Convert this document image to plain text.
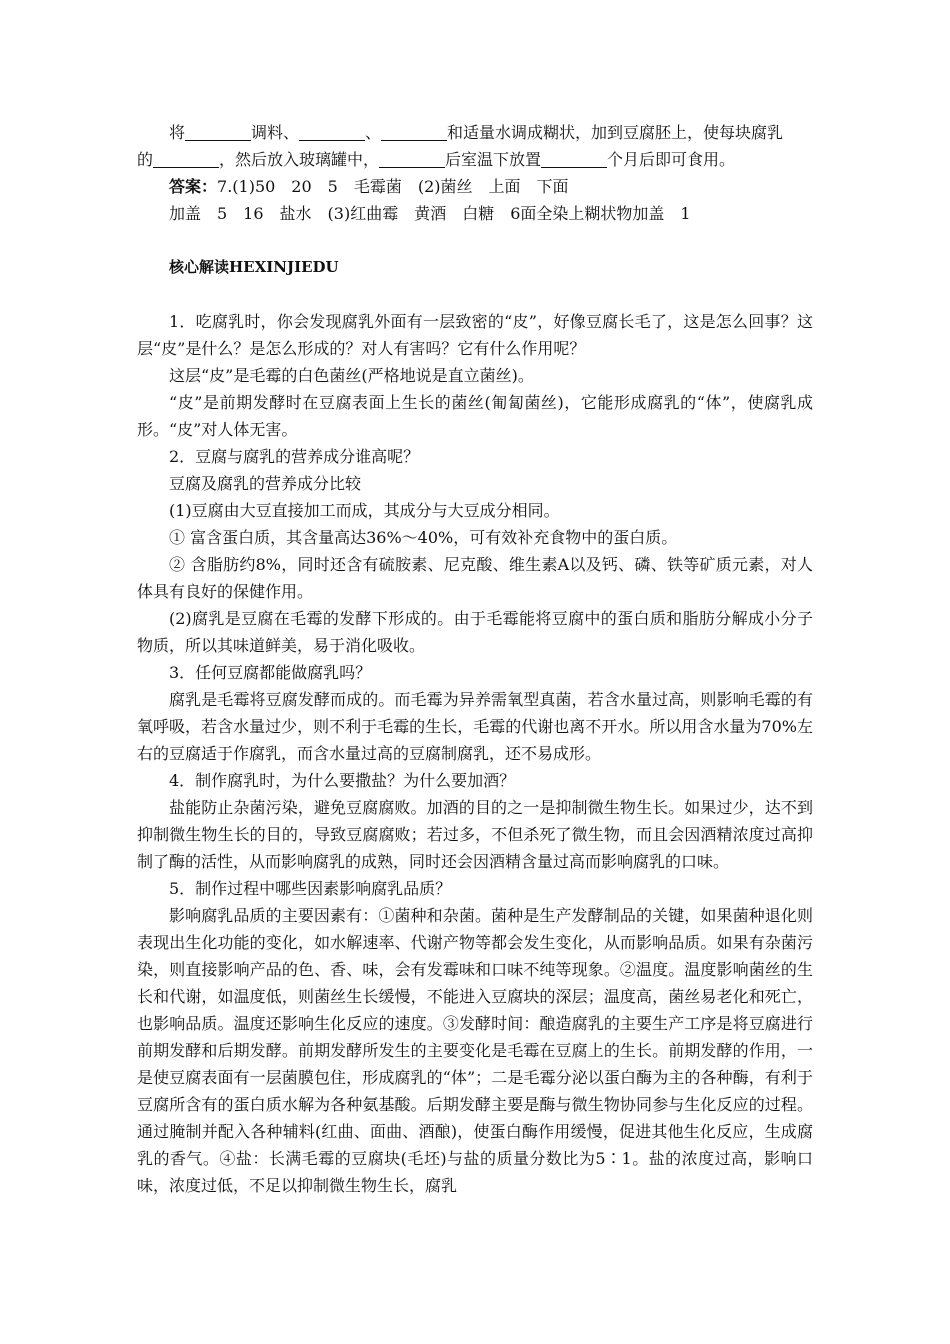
将	调料、	、	和适量水调成糊状，加到豆腐胚上，使每块腐乳

的	，然后放入玻璃罐中，	后室温下放置	个月后即可食用。

答案：7.(1)50　20　5　毛霉菌　(2)菌丝　上面　下面

加盖　5　16　盐水　(3)红曲霉　黄酒　白糖　6面全染上糊状物加盖　1

核心解读HEXINJIEDU

1．吃腐乳时，你会发现腐乳外面有一层致密的“皮”，好像豆腐长毛了，这是怎么回事？这层“皮”是什么？是怎么形成的？对人有害吗？它有什么作用呢？

这层“皮”是毛霉的白色菌丝(严格地说是直立菌丝)。

“皮”是前期发酵时在豆腐表面上生长的菌丝(匍匐菌丝)，它能形成腐乳的“体”，使腐乳成形。“皮”对人体无害。

2．豆腐与腐乳的营养成分谁高呢？

豆腐及腐乳的营养成分比较

(1)豆腐由大豆直接加工而成，其成分与大豆成分相同。

① 富含蛋白质，其含量高达36%～40%，可有效补充食物中的蛋白质。

② 含脂肪约8%，同时还含有硫胺素、尼克酸、维生素A以及钙、磷、铁等矿质元素，对人体具有良好的保健作用。

(2)腐乳是豆腐在毛霉的发酵下形成的。由于毛霉能将豆腐中的蛋白质和脂肪分解成小分子物质，所以其味道鲜美，易于消化吸收。

3．任何豆腐都能做腐乳吗？

腐乳是毛霉将豆腐发酵而成的。而毛霉为异养需氧型真菌，若含水量过高，则影响毛霉的有氧呼吸，若含水量过少，则不利于毛霉的生长，毛霉的代谢也离不开水。所以用含水量为70%左右的豆腐适于作腐乳，而含水量过高的豆腐制腐乳，还不易成形。

4．制作腐乳时，为什么要撒盐？为什么要加酒？

盐能防止杂菌污染，避免豆腐腐败。加酒的目的之一是抑制微生物生长。如果过少，达不到抑制微生物生长的目的，导致豆腐腐败；若过多，不但杀死了微生物，而且会因酒精浓度过高抑制了酶的活性，从而影响腐乳的成熟，同时还会因酒精含量过高而影响腐乳的口味。

5．制作过程中哪些因素影响腐乳品质？

影响腐乳品质的主要因素有：①菌种和杂菌。菌种是生产发酵制品的关键，如果菌种退化则表现出生化功能的变化，如水解速率、代谢产物等都会发生变化，从而影响品质。如果有杂菌污染，则直接影响产品的色、香、味，会有发霉味和口味不纯等现象。②温度。温度影响菌丝的生长和代谢，如温度低，则菌丝生长缓慢，不能进入豆腐块的深层；温度高，菌丝易老化和死亡，也影响品质。温度还影响生化反应的速度。③发酵时间：酿造腐乳的主要生产工序是将豆腐进行前期发酵和后期发酵。前期发酵所发生的主要变化是毛霉在豆腐上的生长。前期发酵的作用，一是使豆腐表面有一层菌膜包住，形成腐乳的“体”；二是毛霉分泌以蛋白酶为主的各种酶，有利于豆腐所含有的蛋白质水解为各种氨基酸。后期发酵主要是酶与微生物协同参与生化反应的过程。通过腌制并配入各种辅料(红曲、面曲、酒酿)，使蛋白酶作用缓慢，促进其他生化反应，生成腐乳的香气。④盐：长满毛霉的豆腐块(毛坯)与盐的质量分数比为5∶1。盐的浓度过高，影响口味，浓度过低，不足以抑制微生物生长，腐乳
